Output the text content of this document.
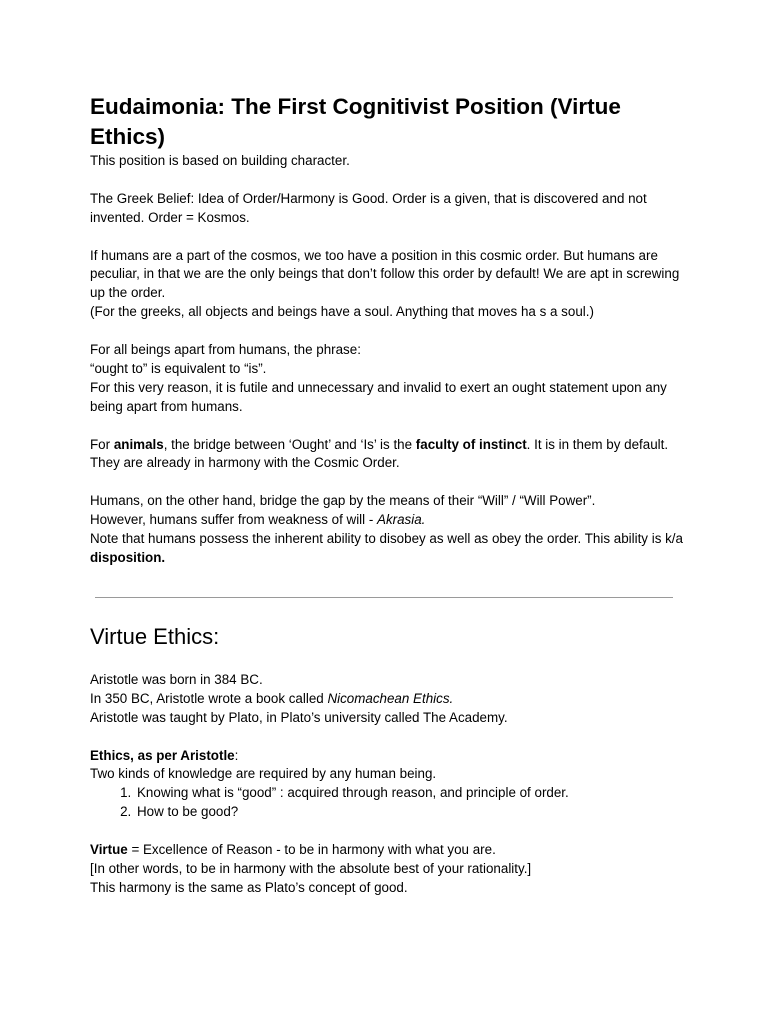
Eudaimonia: The First Cognitivist Position (Virtue Ethics)

This position is based on building character.

The Greek Belief: Idea of Order/Harmony is Good. Order is a given, that is discovered and not invented. Order = Kosmos.

If humans are a part of the cosmos, we too have a position in this cosmic order. But humans are peculiar, in that we are the only beings that don’t follow this order by default! We are apt in screwing up the order.

(For the greeks, all objects and beings have a soul. Anything that moves ha s a soul.)

For all beings apart from humans, the phrase:

“ought to” is equivalent to “is”.

For this very reason, it is futile and unnecessary and invalid to exert an ought statement upon any being apart from humans.

For animals, the bridge between ‘Ought’ and ‘Is’ is the faculty of instinct. It is in them by default. They are already in harmony with the Cosmic Order.

Humans, on the other hand, bridge the gap by the means of their “Will” / “Will Power”.

However, humans suffer from weakness of will - Akrasia.

Note that humans possess the inherent ability to disobey as well as obey the order. This ability is k/a disposition.

Virtue Ethics:

Aristotle was born in 384 BC.

In 350 BC, Aristotle wrote a book called Nicomachean Ethics.

Aristotle was taught by Plato, in Plato’s university called The Academy.

Ethics, as per Aristotle:

Two kinds of knowledge are required by any human being.

1. Knowing what is “good” : acquired through reason, and principle of order.
2. How to be good?

Virtue = Excellence of Reason - to be in harmony with what you are.

[In other words, to be in harmony with the absolute best of your rationality.]

This harmony is the same as Plato’s concept of good.
